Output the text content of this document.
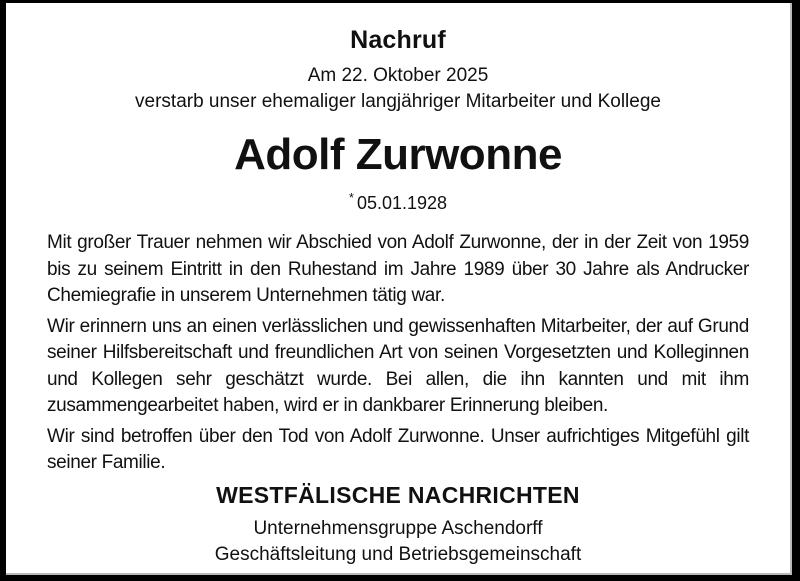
Nachruf
Am 22. Oktober 2025
verstarb unser ehemaliger langjähriger Mitarbeiter und Kollege
Adolf Zurwonne
* 05.01.1928

Mit großer Trauer nehmen wir Abschied von Adolf Zurwonne, der in der Zeit von 1959 bis zu seinem Eintritt in den Ruhestand im Jahre 1989 über 30 Jahre als Andrucker Chemiegrafie in unserem Unternehmen tätig war.

Wir erinnern uns an einen verlässlichen und gewissenhaften Mitarbeiter, der auf Grund seiner Hilfsbereitschaft und freundlichen Art von seinen Vorgesetzten und Kolleginnen und Kollegen sehr geschätzt wurde. Bei allen, die ihn kannten und mit ihm zusammengearbeitet haben, wird er in dankbarer Erinnerung bleiben.

Wir sind betroffen über den Tod von Adolf Zurwonne. Unser aufrichtiges Mitgefühl gilt seiner Familie.

WESTFÄLISCHE NACHRICHTEN
Unternehmensgruppe Aschendorff
Geschäftsleitung und Betriebsgemeinschaft
